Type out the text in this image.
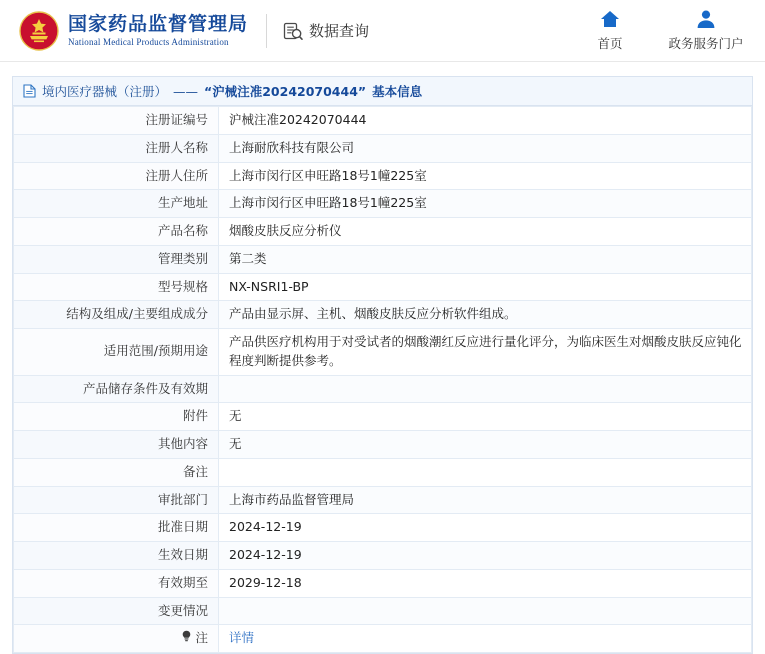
国家药品监督管理局
National Medical Products Administration
数据查询
首页	政务服务门户
境内医疗器械（注册） —— “沪械注准20242070444” 基本信息
注册证编号	沪械注准20242070444
注册人名称	上海耐欣科技有限公司
注册人住所	上海市闵行区申旺路18号1幢225室
生产地址	上海市闵行区申旺路18号1幢225室
产品名称	烟酸皮肤反应分析仪
管理类别	第二类
型号规格	NX-NSRI1-BP
结构及组成/主要组成成分	产品由显示屏、主机、烟酸皮肤反应分析软件组成。
适用范围/预期用途	产品供医疗机构用于对受试者的烟酸潮红反应进行量化评分，为临床医生对烟酸皮肤反应钝化程度判断提供参考。
产品储存条件及有效期	
附件	无
其他内容	无
备注	
审批部门	上海市药品监督管理局
批准日期	2024-12-19
生效日期	2024-12-19
有效期至	2029-12-18
变更情况	

注	详情
